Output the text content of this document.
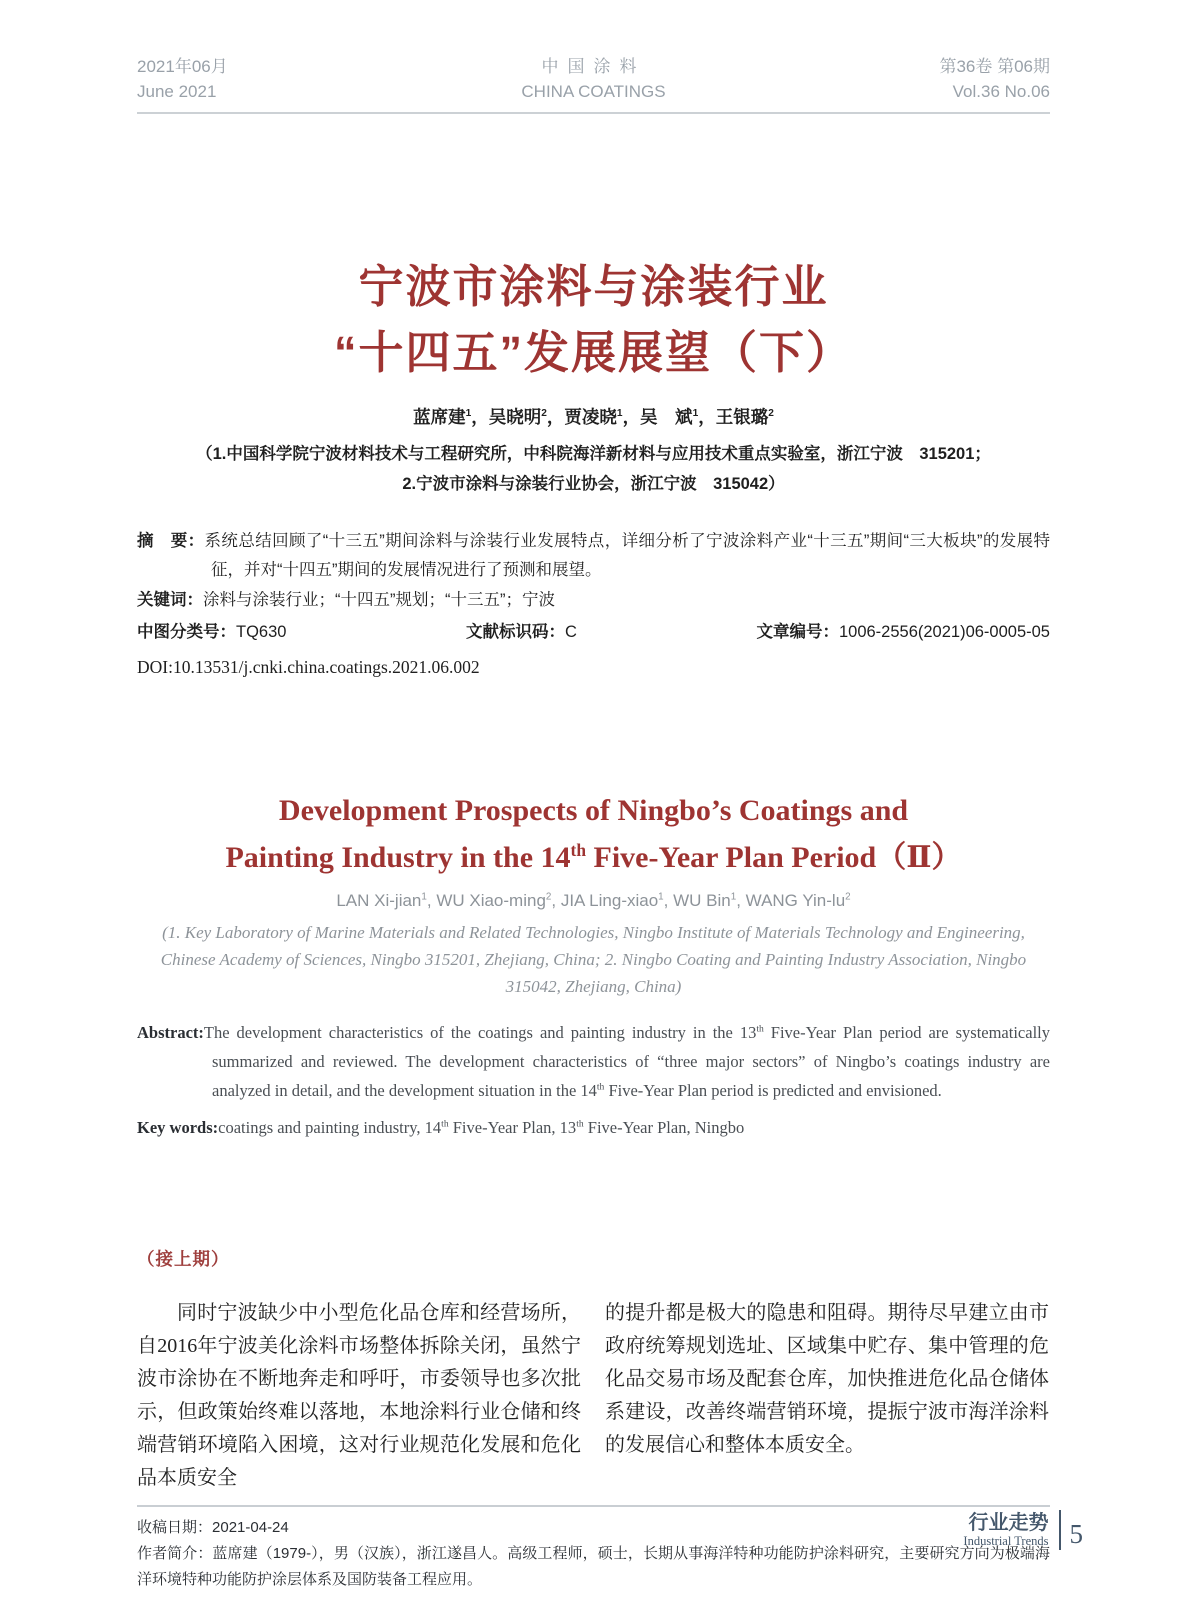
2021年06月
June 2021
中国涂料
CHINA COATINGS
第36卷 第06期
Vol.36 No.06
宁波市涂料与涂装行业
“十四五”发展展望（下）
蓝席建$^1$，吴晓明$^2$，贾凌晓$^1$，吴　斌$^1$，王银璐$^2$
（1.中国科学院宁波材料技术与工程研究所，中科院海洋新材料与应用技术重点实验室，浙江宁波　315201；
2.宁波市涂料与涂装行业协会，浙江宁波　315042）

摘　要：系统总结回顾了“十三五”期间涂料与涂装行业发展特点，详细分析了宁波涂料产业“十三五”期间“三大板块”的发展特征，并对“十四五”期间的发展情况进行了预测和展望。

关键词：涂料与涂装行业；“十四五”规划；“十三五”；宁波

中图分类号：TQ630	文献标识码：C	文章编号：1006-2556(2021)06-0005-05
DOI:10.13531/j.cnki.china.coatings.2021.06.002
Development Prospects of Ningbo’s Coatings and
Painting Industry in the 14th Five-Year Plan Period（Ⅱ）
LAN Xi-jian$^1$, WU Xiao-ming$^2$, JIA Ling-xiao$^1$, WU Bin$^1$, WANG Yin-$lu^2$
(1. Key Laboratory of Marine Materials and Related Technologies, Ningbo Institute of Materials Technology and Engineering, Chinese Academy of Sciences, Ningbo 315201, Zhejiang, China; 2. Ningbo Coating and Painting Industry Association, Ningbo 315042, Zhejiang, China)

Abstract:The development characteristics of the coatings and painting industry in the 13th Five-Year Plan period are systematically summarized and reviewed. The development characteristics of “three major sectors” of Ningbo’s coatings industry are analyzed in detail, and the development situation in the 14th Five-Year Plan period is predicted and envisioned.

Key words:coatings and painting industry, 14th Five-Year Plan, 13th Five-Year Plan, Ningbo

（接上期）

同时宁波缺少中小型危化品仓库和经营场所，自2016年宁波美化涂料市场整体拆除关闭，虽然宁波市涂协在不断地奔走和呼吁，市委领导也多次批示，但政策始终难以落地，本地涂料行业仓储和终端营销环境陷入困境，这对行业规范化发展和危化品本质安全

的提升都是极大的隐患和阻碍。期待尽早建立由市政府统筹规划选址、区域集中贮存、集中管理的危化品交易市场及配套仓库，加快推进危化品仓储体系建设，改善终端营销环境，提振宁波市海洋涂料的发展信心和整体本质安全。

收稿日期：2021-04-24

作者简介：蓝席建（1979-），男（汉族），浙江遂昌人。高级工程师，硕士，长期从事海洋特种功能防护涂料研究，主要研究方向为极端海洋环境特种功能防护涂层体系及国防装备工程应用。

行业走势
Industrial Trends 5
